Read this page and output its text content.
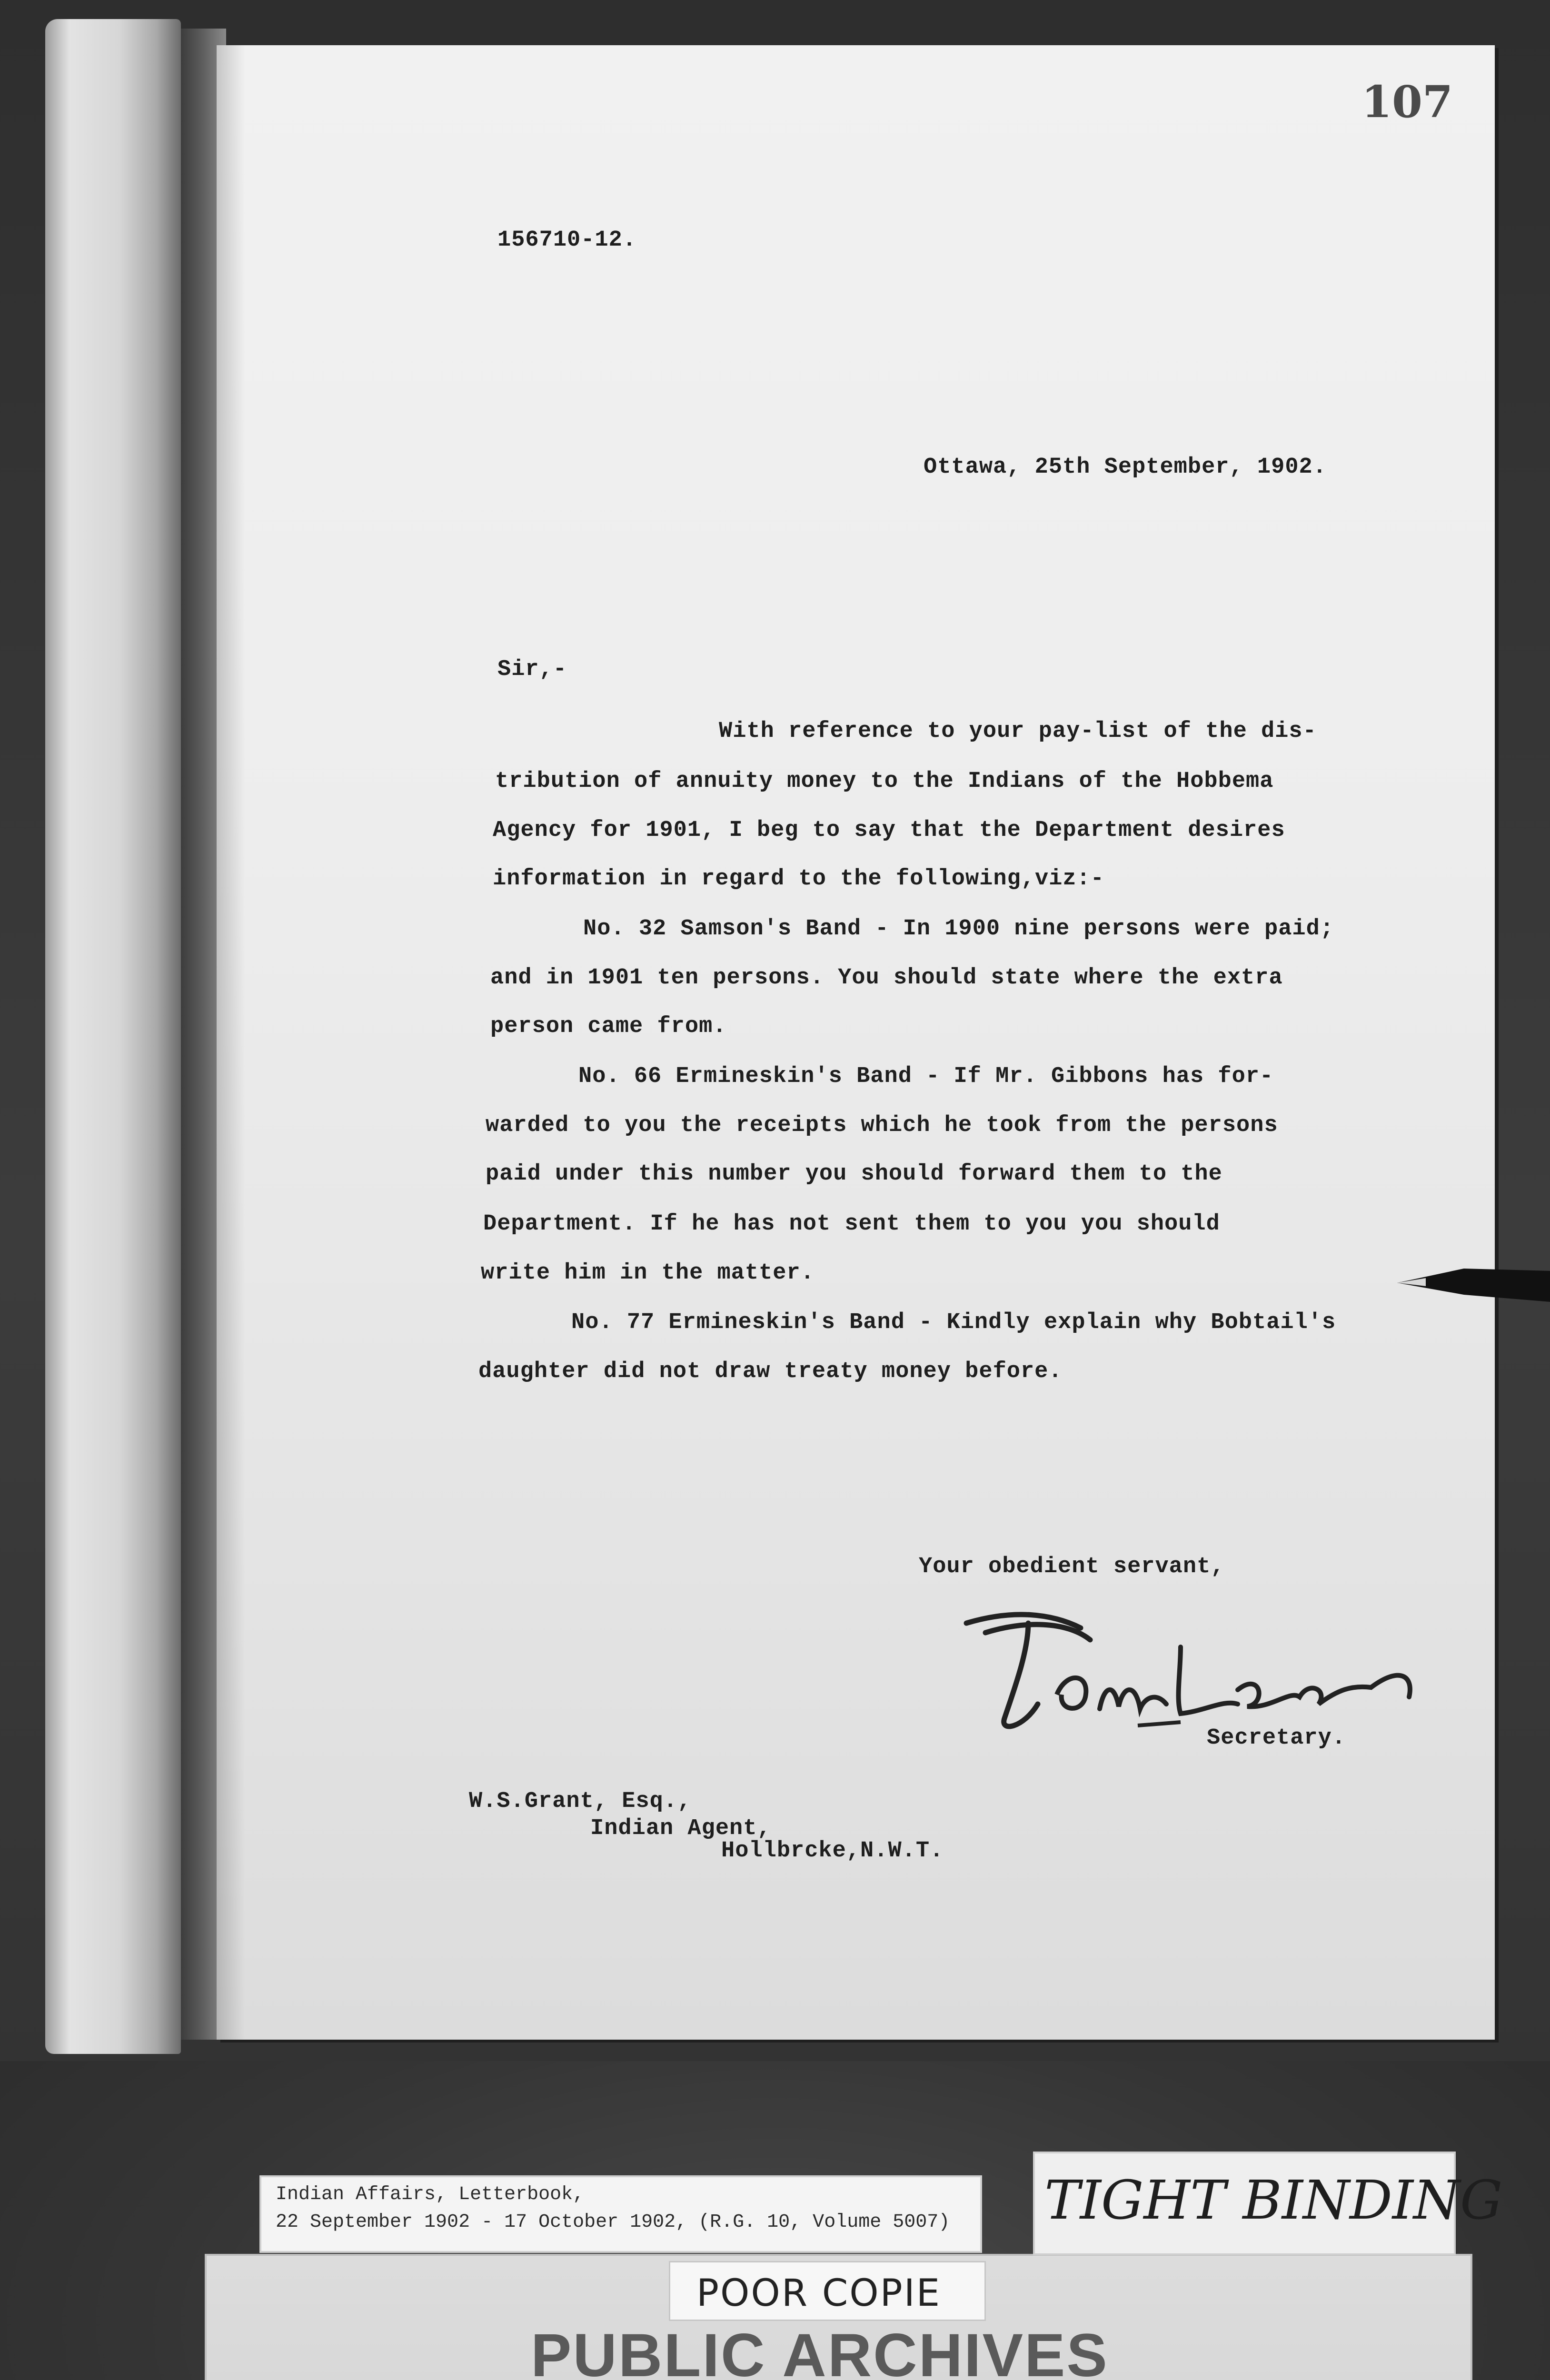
107
156710-12.
Ottawa, 25th September, 1902.
Sir,-
With reference to your pay-list of the dis-
tribution of annuity money to the Indians of the Hobbema
Agency for 1901, I beg to say that the Department desires
information in regard to the following,viz:-
No. 32 Samson's Band - In 1900 nine persons were paid;
and in 1901 ten persons. You should state where the extra
person came from.
No. 66 Ermineskin's Band - If Mr. Gibbons has for-
warded to you the receipts which he took from the persons
paid under this number you should forward them to the
Department. If he has not sent them to you you should
write him in the matter.
No. 77 Ermineskin's Band - Kindly explain why Bobtail's
daughter did not draw treaty money before.
Your obedient servant,
Secretary.
W.S.Grant, Esq.,
Indian Agent,
Hollbrcke,N.W.T.
Indian Affairs, Letterbook,
22 September 1902 - 17 October 1902, (R.G. 10, Volume 5007) TIGHT BINDING
POOR COPIE
PUBLIC ARCHIVES
